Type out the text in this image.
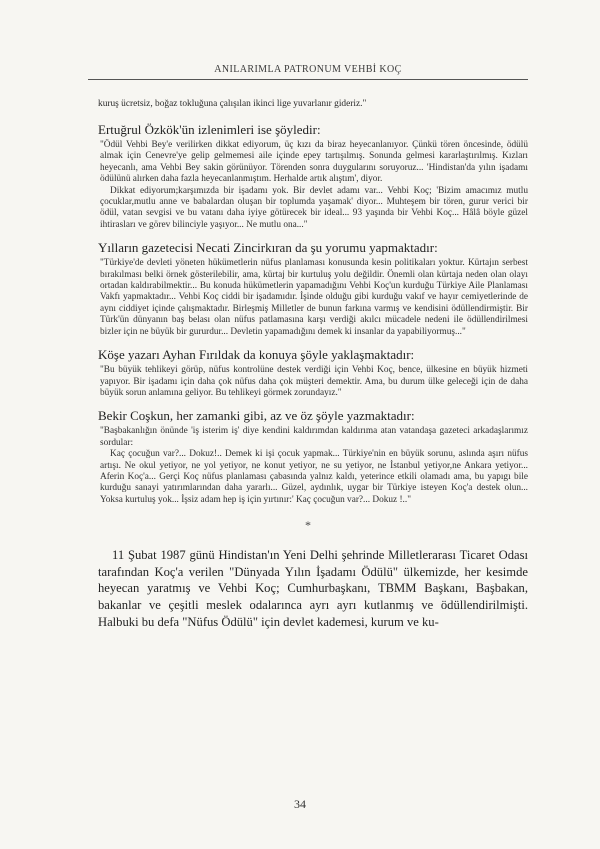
ANILARIMLA PATRONUM VEHBİ KOÇ

kuruş ücretsiz, boğaz tokluğuna çalışılan ikinci lige yuvarlanır gideriz."

Ertuğrul Özkök'ün izlenimleri ise şöyledir:

"Ödül Vehbi Bey'e verilirken dikkat ediyorum, üç kızı da biraz heyecanlanıyor. Çünkü tören öncesinde, ödülü almak için Cenevre'ye gelip gelmemesi aile içinde epey tartışılmış. Sonunda gelmesi kararlaştırılmış. Kızları heyecanlı, ama Vehbi Bey sakin görünüyor. Törenden sonra duygularını soruyoruz... 'Hindistan'da yılın işadamı ödülünü alırken daha fazla heyecanlanmıştım. Herhalde artık alıştım', diyor.

Dikkat ediyorum;karşımızda bir işadamı yok. Bir devlet adamı var... Vehbi Koç; 'Bizim amacımız mutlu çocuklar,mutlu anne ve babalardan oluşan bir toplumda yaşamak' diyor... Muhteşem bir tören, gurur verici bir ödül, vatan sevgisi ve bu vatanı daha iyiye götürecek bir ideal... 93 yaşında bir Vehbi Koç... Hâlâ böyle güzel ihtirasları ve görev bilinciyle yaşıyor... Ne mutlu ona..."

Yılların gazetecisi Necati Zincirkıran da şu yorumu yapmaktadır:

"Türkiye'de devleti yöneten hükümetlerin nüfus planlaması konusunda kesin politikaları yoktur. Kürtajın serbest bırakılması belki örnek gösterilebilir, ama, kürtaj bir kurtuluş yolu değildir. Önemli olan kürtaja neden olan olayı ortadan kaldırabilmektir... Bu konuda hükümetlerin yapamadığını Vehbi Koç'un kurduğu Türkiye Aile Planlaması Vakfı yapmaktadır... Vehbi Koç ciddi bir işadamıdır. İşinde olduğu gibi kurduğu vakıf ve hayır cemiyetlerinde de aynı ciddiyet içinde çalışmaktadır. Birleşmiş Milletler de bunun farkına varmış ve kendisini ödüllendirmiştir. Bir Türk'ün dünyanın baş belası olan nüfus patlamasına karşı verdiği akılcı mücadele nedeni ile ödüllendirilmesi bizler için ne büyük bir gururdur... Devletin yapamadığını demek ki insanlar da yapabiliyormuş..."

Köşe yazarı Ayhan Fırıldak da konuya şöyle yaklaşmaktadır:

"Bu büyük tehlikeyi görüp, nüfus kontrolüne destek verdiği için Vehbi Koç, bence, ülkesine en büyük hizmeti yapıyor. Bir işadamı için daha çok nüfus daha çok müşteri demektir. Ama, bu durum ülke geleceği için de daha büyük sorun anlamına geliyor. Bu tehlikeyi görmek zorundayız."

Bekir Coşkun, her zamanki gibi, az ve öz şöyle yazmaktadır:

"Başbakanlığın önünde 'iş isterim iş' diye kendini kaldırımdan kaldırıma atan vatandaşa gazeteci arkadaşlarımız sordular:

Kaç çocuğun var?... Dokuz!.. Demek ki işi çocuk yapmak... Türkiye'nin en büyük sorunu, aslında aşırı nüfus artışı. Ne okul yetiyor, ne yol yetiyor, ne konut yetiyor, ne su yetiyor, ne İstanbul yetiyor,ne Ankara yetiyor... Aferin Koç'a... Gerçi Koç nüfus planlaması çabasında yalnız kaldı, yeterince etkili olamadı ama, bu yapıgı bile kurduğu sanayi yatırımlarından daha yararlı... Güzel, aydınlık, uygar bir Türkiye isteyen Koç'a destek olun... Yoksa kurtuluş yok... İşsiz adam hep iş için yırtınır:' Kaç çocuğun var?... Dokuz !.."

*

11 Şubat 1987 günü Hindistan'ın Yeni Delhi şehrinde Milletlerarası Ticaret Odası tarafından Koç'a verilen "Dünyada Yılın İşadamı Ödülü" ülkemizde, her kesimde heyecan yaratmış ve Vehbi Koç; Cumhurbaşkanı, TBMM Başkanı, Başbakan, bakanlar ve çeşitli meslek odalarınca ayrı ayrı kutlanmış ve ödüllendirilmişti. Halbuki bu defa "Nüfus Ödülü" için devlet kademesi, kurum ve ku-

34
